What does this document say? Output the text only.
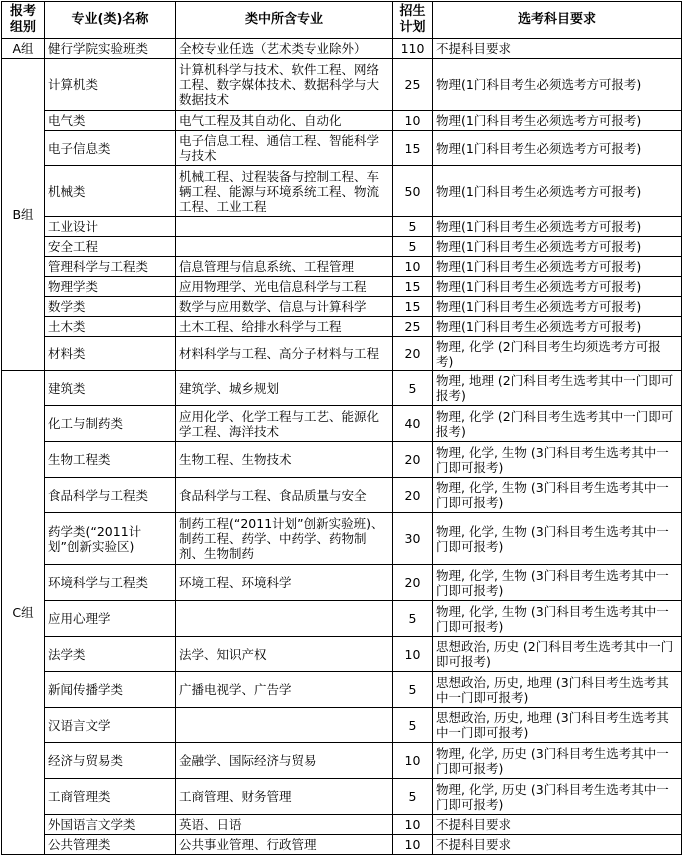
报考组别	专业(类)名称	类中所含专业	招生计划	选考科目要求
A组	健行学院实验班类	全校专业任选（艺术类专业除外）	110	不提科目要求
B组	计算机类	计算机科学与技术、软件工程、网络工程、数字媒体技术、数据科学与大数据技术	25	物理(1门科目考生必须选考方可报考)
	电气类	电气工程及其自动化、自动化	10	物理(1门科目考生必须选考方可报考)
	电子信息类	电子信息工程、通信工程、智能科学与技术	15	物理(1门科目考生必须选考方可报考)
	机械类	机械工程、过程装备与控制工程、车辆工程、能源与环境系统工程、物流工程、工业工程	50	物理(1门科目考生必须选考方可报考)
	工业设计		5	物理(1门科目考生必须选考方可报考)
	安全工程		5	物理(1门科目考生必须选考方可报考)
	管理科学与工程类	信息管理与信息系统、工程管理	10	物理(1门科目考生必须选考方可报考)
	物理学类	应用物理学、光电信息科学与工程	15	物理(1门科目考生必须选考方可报考)
	数学类	数学与应用数学、信息与计算科学	15	物理(1门科目考生必须选考方可报考)
	土木类	土木工程、给排水科学与工程	25	物理(1门科目考生必须选考方可报考)
	材料类	材料科学与工程、高分子材料与工程	20	物理, 化学 (2门科目考生均须选考方可报考)
C组	建筑类	建筑学、城乡规划	5	物理, 地理 (2门科目考生选考其中一门即可报考)
	化工与制药类	应用化学、化学工程与工艺、能源化学工程、海洋技术	40	物理, 化学 (2门科目考生选考其中一门即可报考)
	生物工程类	生物工程、生物技术	20	物理, 化学, 生物 (3门科目考生选考其中一门即可报考)
	食品科学与工程类	食品科学与工程、食品质量与安全	20	物理, 化学, 生物 (3门科目考生选考其中一门即可报考)
	药学类(“2011计划”创新实验区)	制药工程(“2011计划”创新实验班)、制药工程、药学、中药学、药物制剂、生物制药	30	物理, 化学, 生物 (3门科目考生选考其中一门即可报考)
	环境科学与工程类	环境工程、环境科学	20	物理, 化学, 生物 (3门科目考生选考其中一门即可报考)
	应用心理学		5	物理, 化学, 生物 (3门科目考生选考其中一门即可报考)
	法学类	法学、知识产权	10	思想政治, 历史 (2门科目考生选考其中一门即可报考)
	新闻传播学类	广播电视学、广告学	5	思想政治, 历史, 地理 (3门科目考生选考其中一门即可报考)
	汉语言文学		5	思想政治, 历史, 地理 (3门科目考生选考其中一门即可报考)
	经济与贸易类	金融学、国际经济与贸易	10	物理, 化学, 历史 (3门科目考生选考其中一门即可报考)
	工商管理类	工商管理、财务管理	5	物理, 化学, 历史 (3门科目考生选考其中一门即可报考)
	外国语言文学类	英语、日语	10	不提科目要求
	公共管理类	公共事业管理、行政管理	10	不提科目要求
